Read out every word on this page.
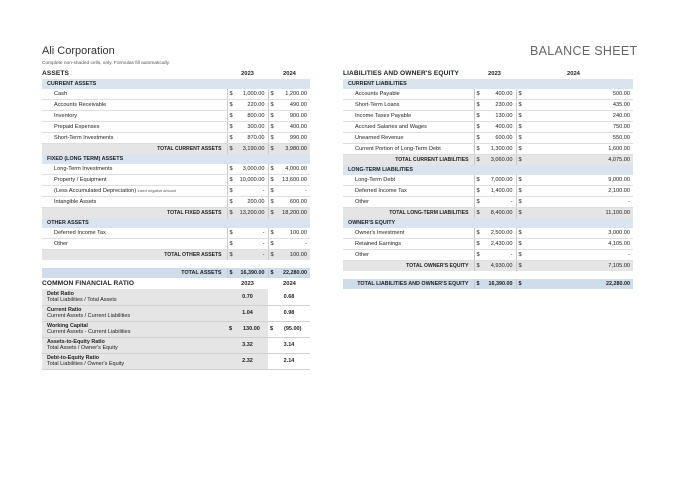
Ali Corporation	BALANCE SHEET
Complete non-shaded cells, only. Formulas fill automatically.
ASSETS	2023	2024
CURRENT ASSETS				
Cash	$	1,000.00	$	1,200.00
Accounts Receivable	$	220.00	$	490.00
Inventory	$	800.00	$	900.00
Prepaid Expenses	$	300.00	$	400.00
Short-Term Investments	$	870.00	$	990.00
TOTAL CURRENT ASSETS	$	3,190.00	$	3,980.00
FIXED (LONG TERM) ASSETS				
Long-Term Investments	$	3,000.00	$	4,000.00
Property / Equipment	$	10,000.00	$	13,600.00
(Less Accumulated Depreciation) insert negative amount	$	-	$	-
Intangible Assets	$	200.00	$	600.00
TOTAL FIXED ASSETS	$	13,200.00	$	18,200.00
OTHER ASSETS				
Deferred Income Tax	$	-	$	100.00
Other	$	-	$	-
TOTAL OTHER ASSETS	$	-	$	100.00

TOTAL ASSETS	$	16,390.00	$	22,280.00
LIABILITIES AND OWNER'S EQUITY	2023	2024
CURRENT LIABILITIES				
Accounts Payable	$	400.00	$	500.00
Short-Term Loans	$	230.00	$	435.00
Income Taxes Payable	$	130.00	$	240.00
Accrued Salaries and Wages	$	400.00	$	750.00
Unearned Revenue	$	600.00	$	550.00
Current Portion of Long-Term Debt	$	1,300.00	$	1,600.00
TOTAL CURRENT LIABILITIES	$	3,060.00	$	4,075.00
LONG-TERM LIABILITIES				
Long-Term Debt	$	7,000.00	$	9,000.00
Deferred Income Tax	$	1,400.00	$	2,100.00
Other	$	-	$	-
TOTAL LONG-TERM LIABILITIES	$	8,400.00	$	11,100.00
OWNER'S EQUITY				
Owner's Investment	$	2,500.00	$	3,000.00
Retained Earnings	$	2,430.00	$	4,105.00
Other	$	-	$	-
TOTAL OWNER'S EQUITY	$	4,930.00	$	7,105.00

TOTAL LIABILITIES AND OWNER'S EQUITY	$	16,390.00	$	22,280.00
COMMON FINANCIAL RATIO	2023	2024
Debt Ratio
Total Liabilities / Total Assets	0.70	0.68
Current Ratio
Current Assets / Current Liabilities	1.04	0.98
Working Capital
Current Assets - Current Liabilities	$ 130.00	$ (95.00)
Assets-to-Equity Ratio
Total Assets / Owner's Equity	3.32	3.14
Debt-to-Equity Ratio
Total Liabilities / Owner's Equity	2.32	2.14
